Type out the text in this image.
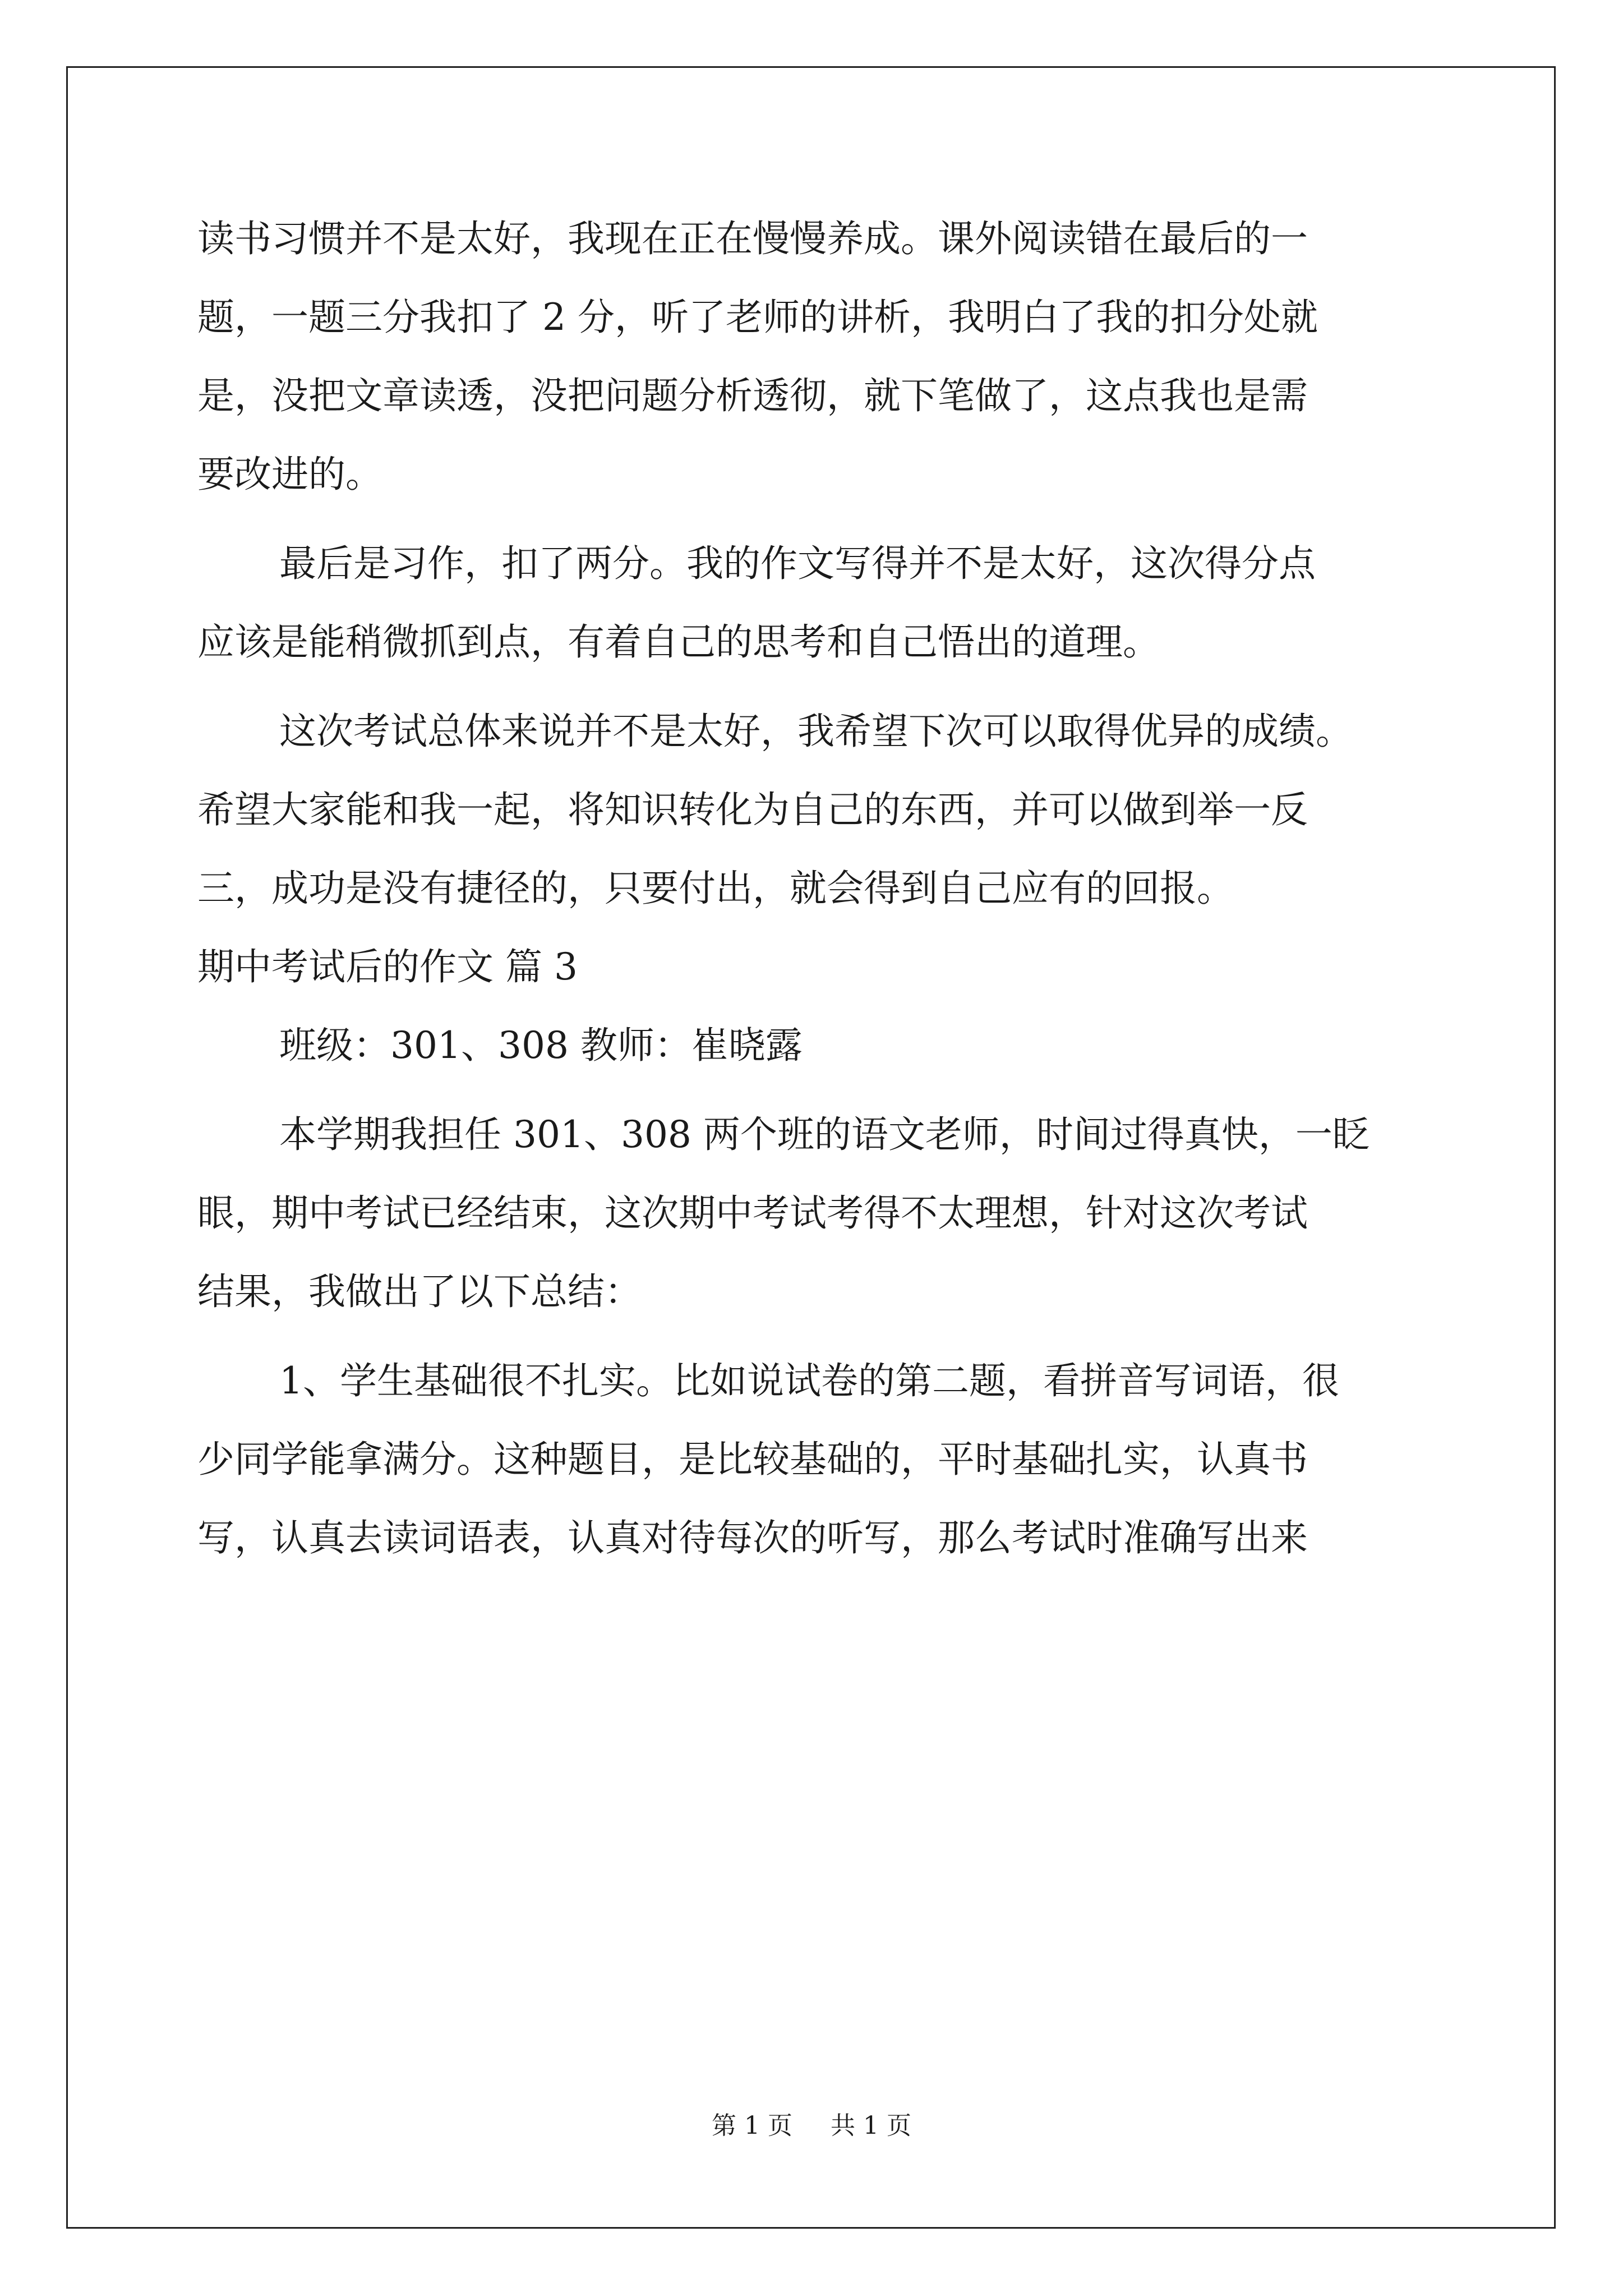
读书习惯并不是太好，我现在正在慢慢养成。课外阅读错在最后的一
题，一题三分我扣了 2 分，听了老师的讲析，我明白了我的扣分处就
是，没把文章读透，没把问题分析透彻，就下笔做了，这点我也是需
要改进的。
最后是习作，扣了两分。我的作文写得并不是太好，这次得分点
应该是能稍微抓到点，有着自己的思考和自己悟出的道理。
这次考试总体来说并不是太好，我希望下次可以取得优异的成绩。
希望大家能和我一起，将知识转化为自己的东西，并可以做到举一反
三，成功是没有捷径的，只要付出，就会得到自己应有的回报。
期中考试后的作文 篇 3
班级：301、308 教师：崔晓露
本学期我担任 301、308 两个班的语文老师，时间过得真快，一眨
眼，期中考试已经结束，这次期中考试考得不太理想，针对这次考试
结果，我做出了以下总结：
1、学生基础很不扎实。比如说试卷的第二题，看拼音写词语，很
少同学能拿满分。这种题目，是比较基础的，平时基础扎实，认真书
写，认真去读词语表，认真对待每次的听写，那么考试时准确写出来
第 1 页 共 1 页
